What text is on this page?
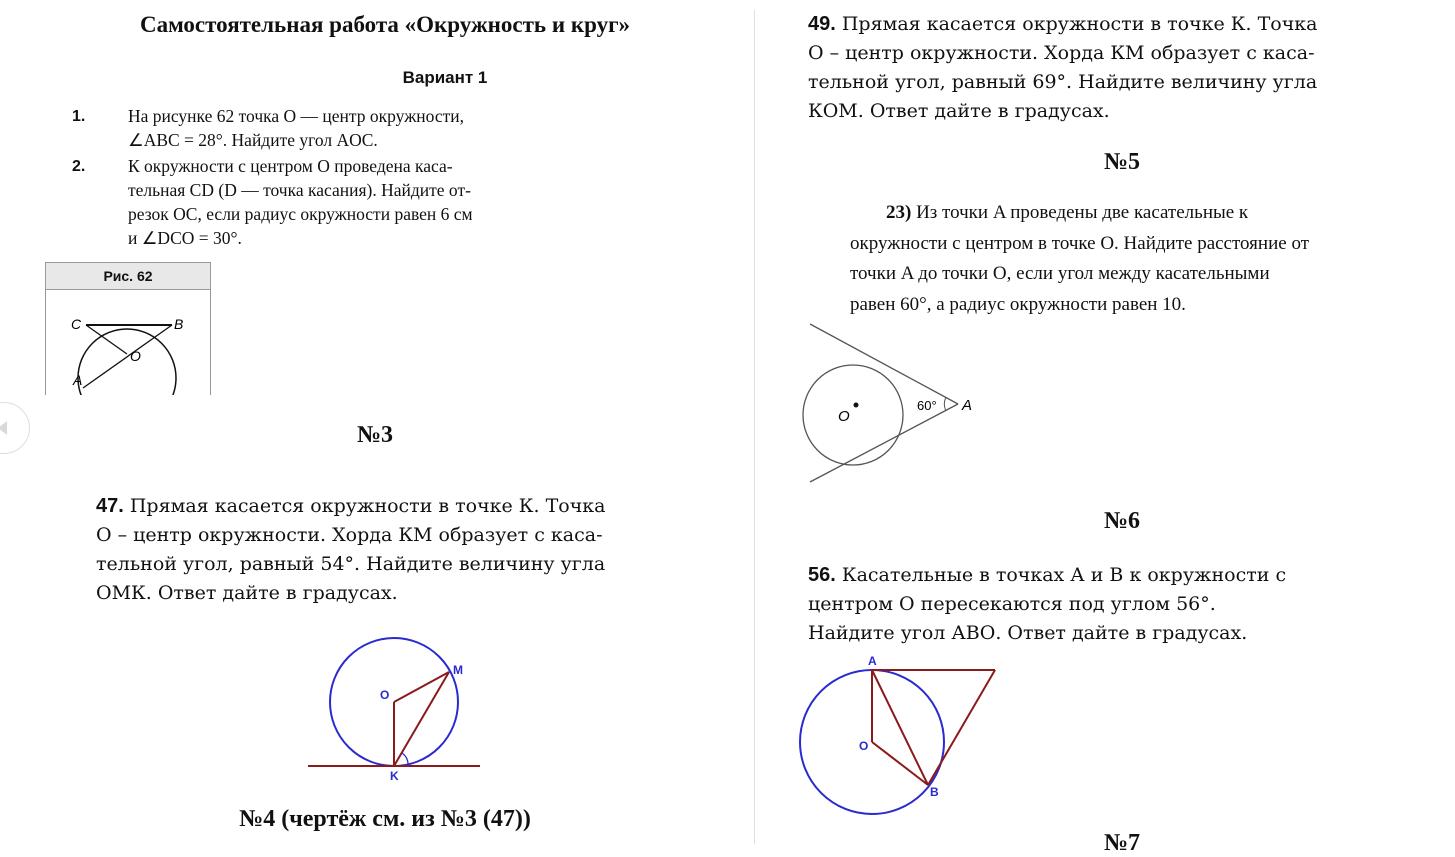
Самостоятельная работа «Окружность и круг»
Вариант 1
1. На рисунке 62 точка O — центр окружности,
∠ABC = 28°. Найдите угол AOC.
2. К окружности с центром O проведена каса-
тельная CD (D — точка касания). Найдите от-
резок OC, если радиус окружности равен 6 см
и ∠DCO = 30°.
Рис. 62
C	B
O
A
№3
47. Прямая касается окружности в точке К. Точка
О – центр окружности. Хорда КМ образует с каса-
тельной угол, равный 54°. Найдите величину угла
ОМК. Ответ дайте в градусах.
O
M
K
№4 (чертёж см. из №3 (47))
49. Прямая касается окружности в точке К. Точка
О – центр окружности. Хорда КМ образует с каса-
тельной угол, равный 69°. Найдите величину угла
КОМ. Ответ дайте в градусах.
№5
23) Из точки A проведены две касательные к
окружности с центром в точке O. Найдите расстояние от
точки A до точки O, если угол между касательными
равен 60°, а радиус окружности равен 10.
O
60° A
№6
56. Касательные в точках А и В к окружности с
центром О пересекаются под углом 56°.
Найдите угол АВО. Ответ дайте в градусах.
A
O
B
№7
